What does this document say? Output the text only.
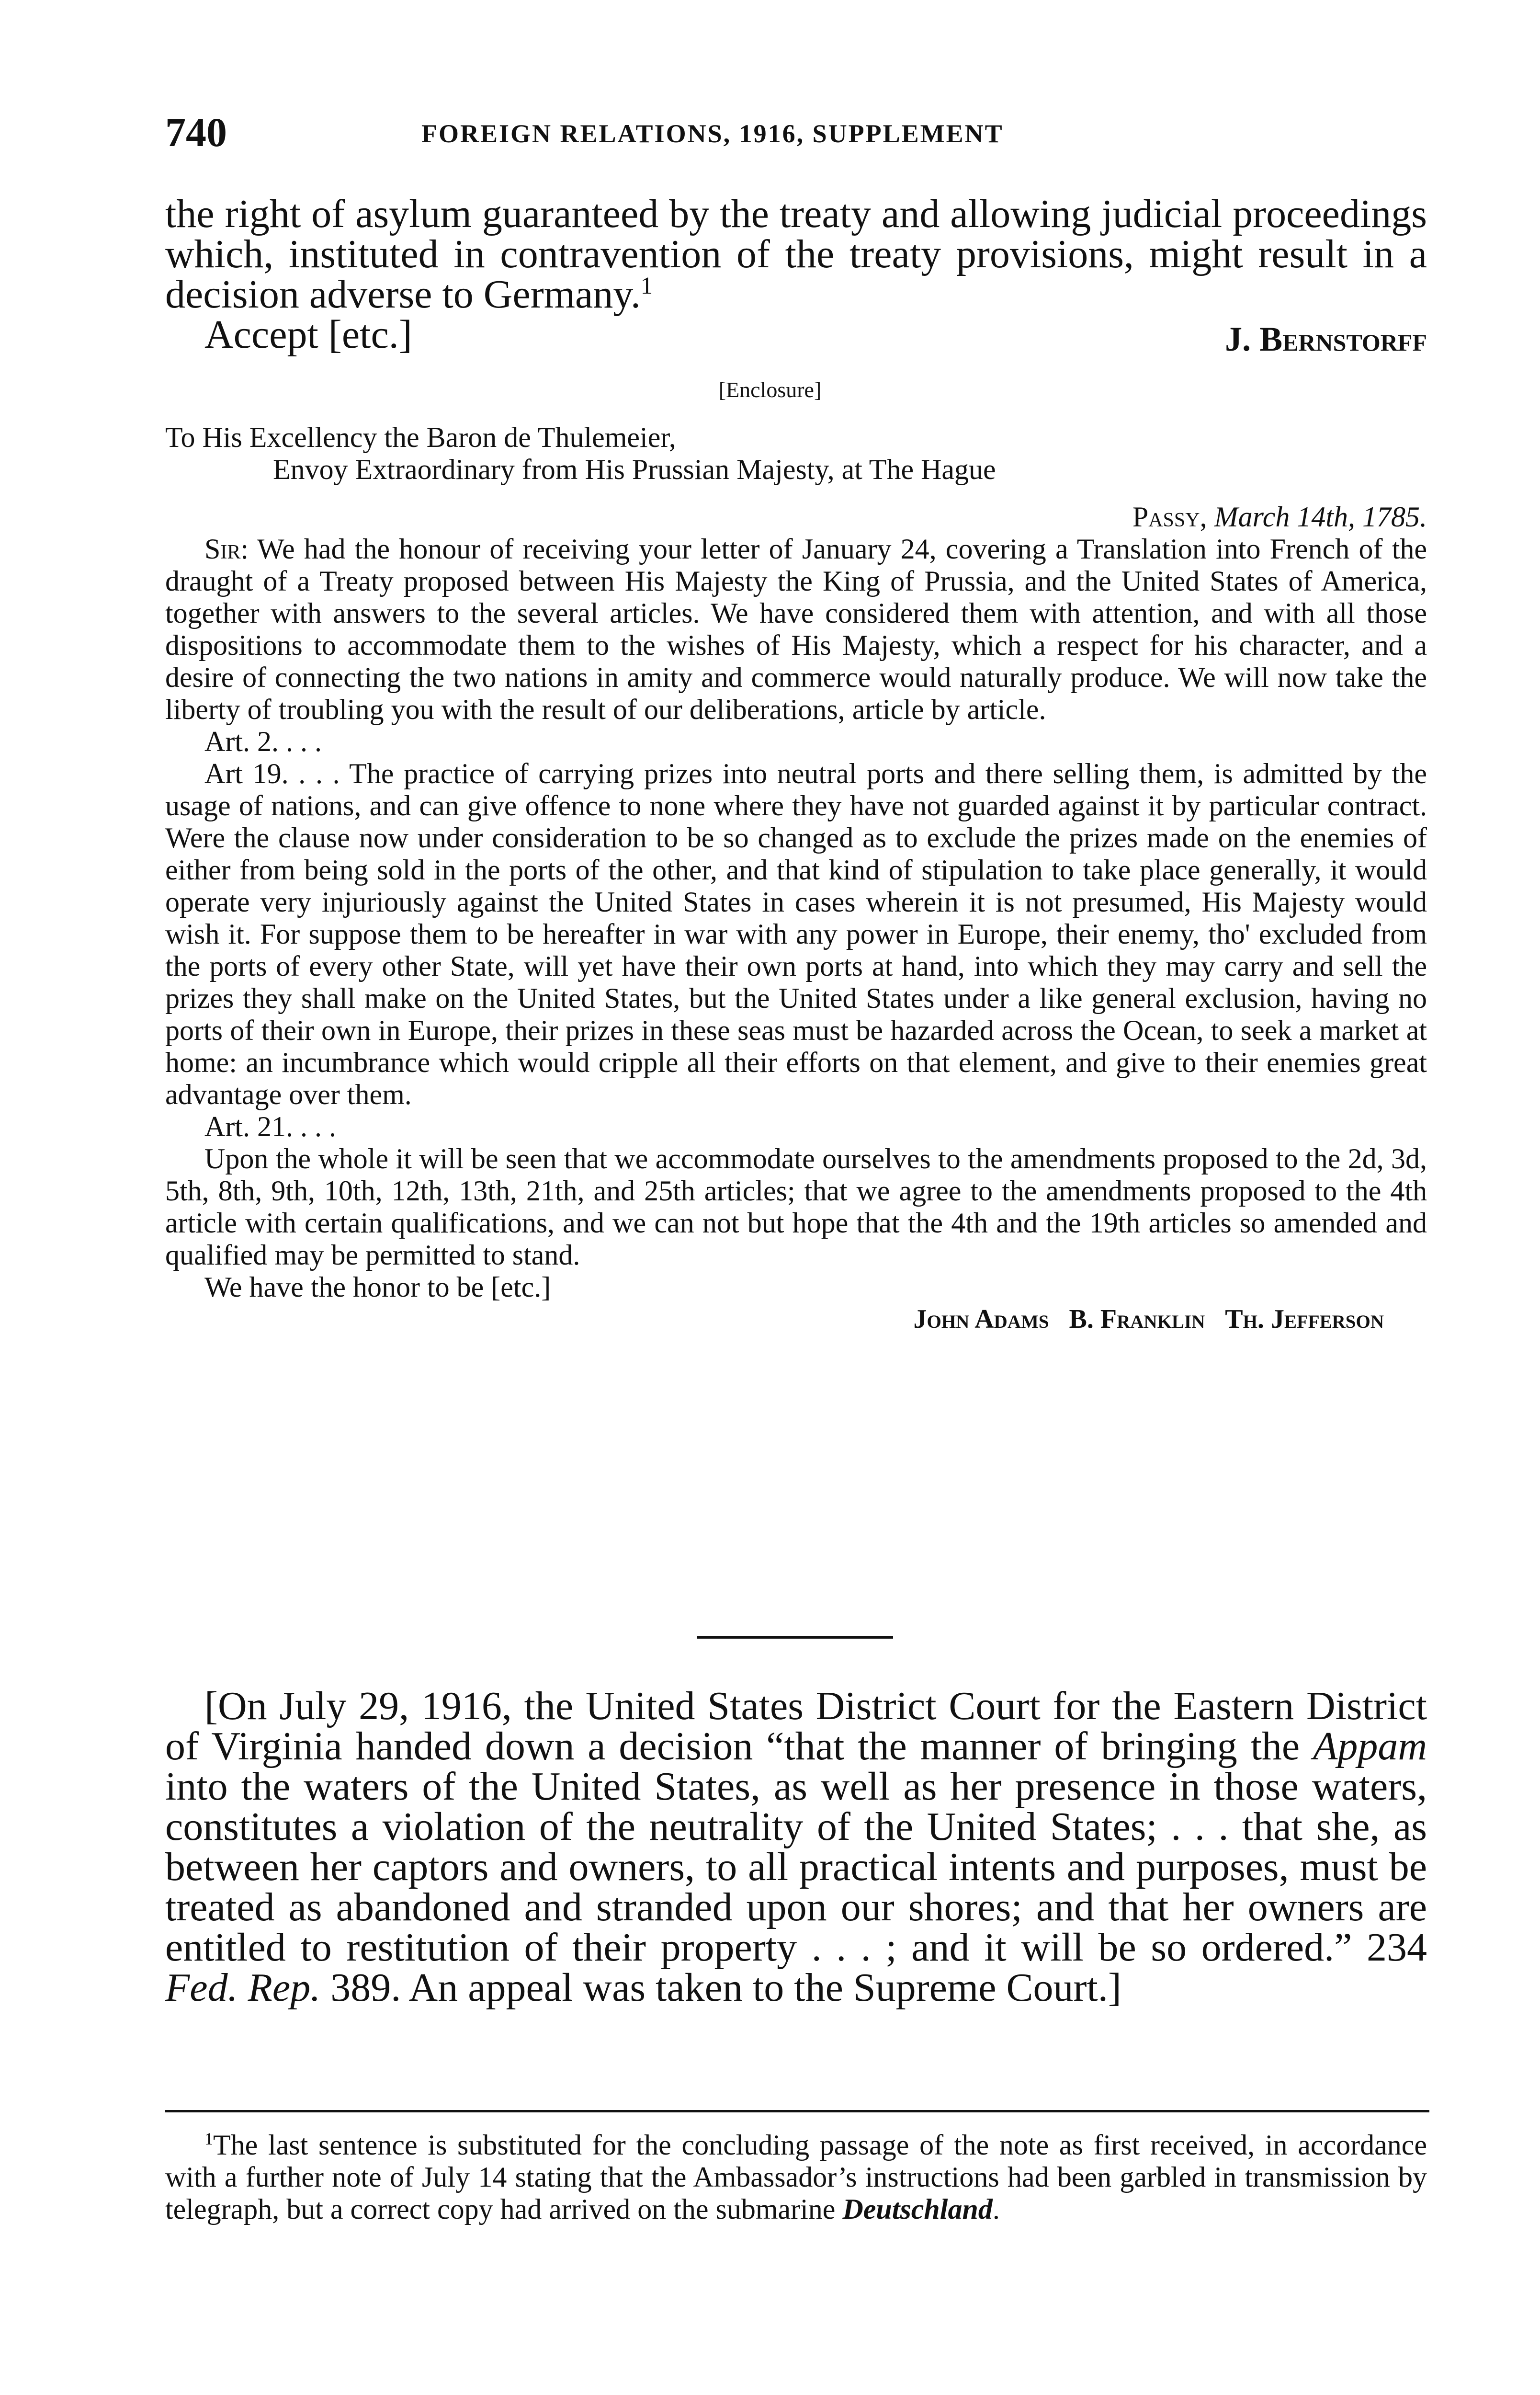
740	FOREIGN RELATIONS, 1916, SUPPLEMENT

the right of asylum guaranteed by the treaty and allowing judicial proceedings which, instituted in contravention of the treaty provisions, might result in a decision adverse to Germany.$^1$

Accept [etc.]	J. Bernstorff
[Enclosure]

To His Excellency the Baron de Thulemeier,

Envoy Extraordinary from His Prussian Majesty, at The Hague

Passy, March 14th, 1785.

Sir: We had the honour of receiving your letter of January 24, covering a Translation into French of the draught of a Treaty proposed between His Majesty the King of Prussia, and the United States of America, together with answers to the several articles. We have considered them with attention, and with all those dispositions to accommodate them to the wishes of His Majesty, which a respect for his character, and a desire of connecting the two nations in amity and commerce would naturally produce. We will now take the liberty of troubling you with the result of our deliberations, article by article.

Art. 2. . . .

Art 19. . . . The practice of carrying prizes into neutral ports and there selling them, is admitted by the usage of nations, and can give offence to none where they have not guarded against it by particular contract. Were the clause now under consideration to be so changed as to exclude the prizes made on the enemies of either from being sold in the ports of the other, and that kind of stipulation to take place generally, it would operate very injuriously against the United States in cases wherein it is not presumed, His Majesty would wish it. For suppose them to be hereafter in war with any power in Europe, their enemy, tho' excluded from the ports of every other State, will yet have their own ports at hand, into which they may carry and sell the prizes they shall make on the United States, but the United States under a like general exclusion, having no ports of their own in Europe, their prizes in these seas must be hazarded across the Ocean, to seek a market at home: an incumbrance which would cripple all their efforts on that element, and give to their enemies great advantage over them.

Art. 21. . . .

Upon the whole it will be seen that we accommodate ourselves to the amendments proposed to the 2d, 3d, 5th, 8th, 9th, 10th, 12th, 13th, 21th, and 25th articles; that we agree to the amendments proposed to the 4th article with certain qualifications, and we can not but hope that the 4th and the 19th articles so amended and qualified may be permitted to stand.

We have the honor to be [etc.]

John Adams B. Franklin Th. Jefferson

[On July 29, 1916, the United States District Court for the Eastern District of Virginia handed down a decision “that the manner of bringing the Appam into the waters of the United States, as well as her presence in those waters, constitutes a violation of the neutrality of the United States; . . . that she, as between her captors and owners, to all practical intents and purposes, must be treated as abandoned and stranded upon our shores; and that her owners are entitled to restitution of their property . . . ; and it will be so ordered.” 234 Fed. Rep. 389. An appeal was taken to the Supreme Court.]

$^1$The last sentence is substituted for the concluding passage of the note as first received, in accordance with a further note of July 14 stating that the Ambassador’s instructions had been garbled in transmission by telegraph, but a correct copy had arrived on the submarine Deutschland.
